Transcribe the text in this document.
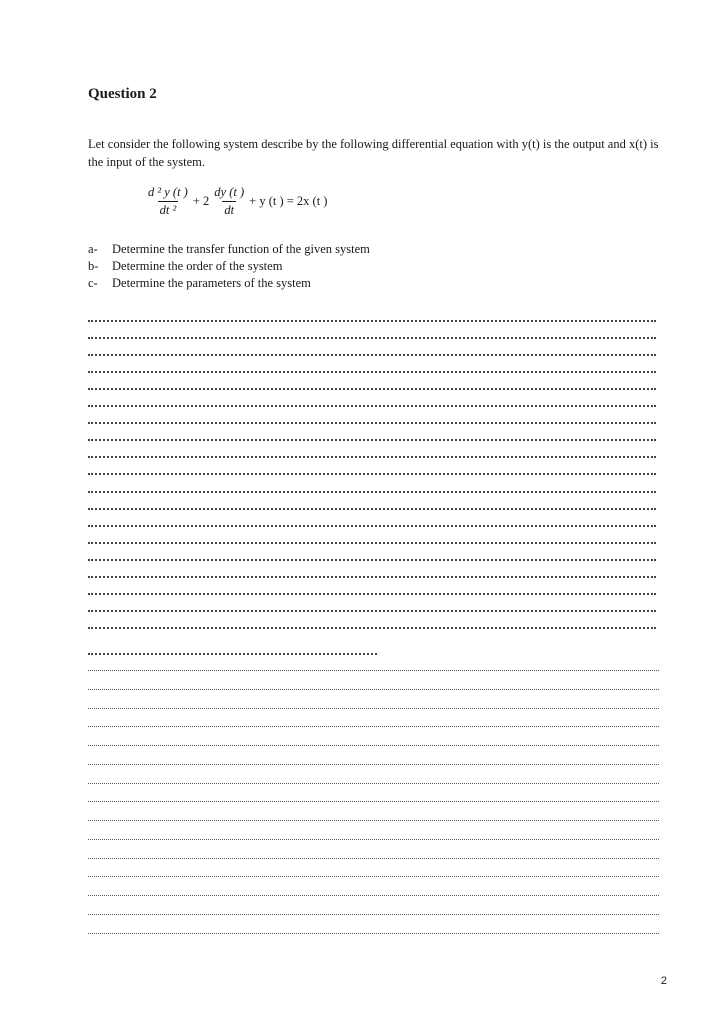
Question 2

Let consider the following system describe by the following differential equation with y(t) is the output and x(t) is the input of the system.

$\frac{\text{d ² y (t )}}{\text{dt ²}} + 2 \frac{dy (t )}{dt} + y$ (t ) = 2x (t )
a-	Determine the transfer function of the given system
b-	Determine the order of the system
c-	Determine the parameters of the system
2
